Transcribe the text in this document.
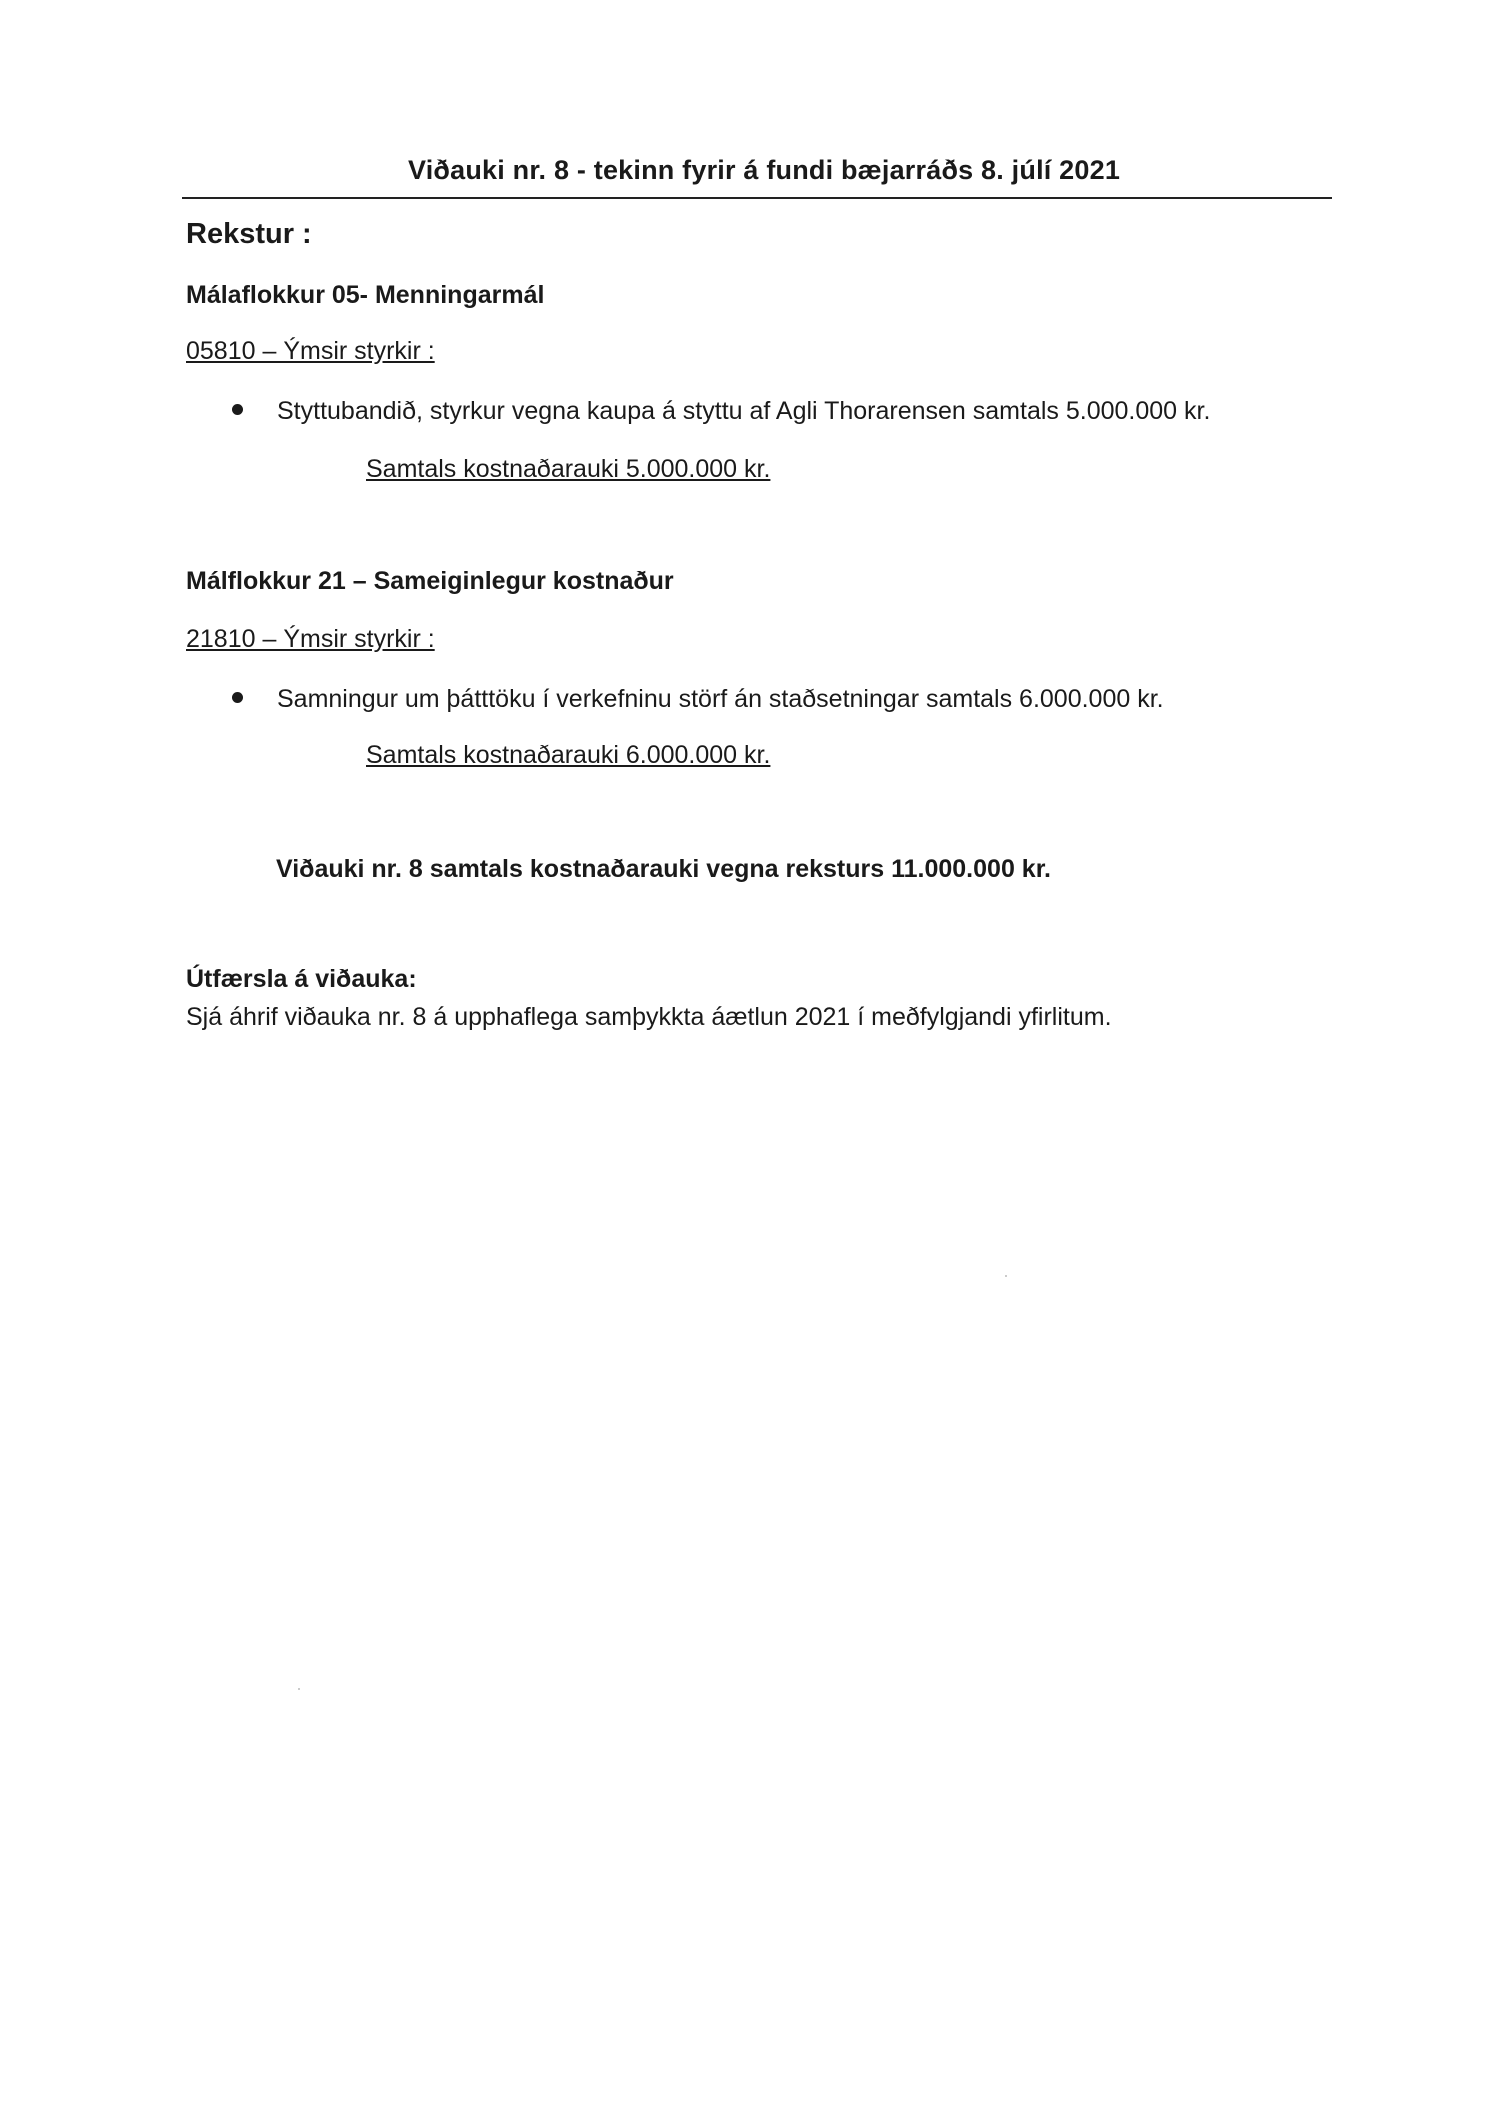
Viðauki nr. 8 - tekinn fyrir á fundi bæjarráðs 8. júlí 2021
Rekstur :
Málaflokkur 05- Menningarmál
05810 – Ýmsir styrkir :
Styttubandið, styrkur vegna kaupa á styttu af Agli Thorarensen samtals 5.000.000 kr.
Samtals kostnaðarauki 5.000.000 kr.
Málflokkur 21 – Sameiginlegur kostnaður
21810 – Ýmsir styrkir :
Samningur um þátttöku í verkefninu störf án staðsetningar samtals 6.000.000 kr.
Samtals kostnaðarauki 6.000.000 kr.
Viðauki nr. 8 samtals kostnaðarauki vegna reksturs 11.000.000 kr.
Útfærsla á viðauka:
Sjá áhrif viðauka nr. 8 á upphaflega samþykkta áætlun 2021 í meðfylgjandi yfirlitum.
